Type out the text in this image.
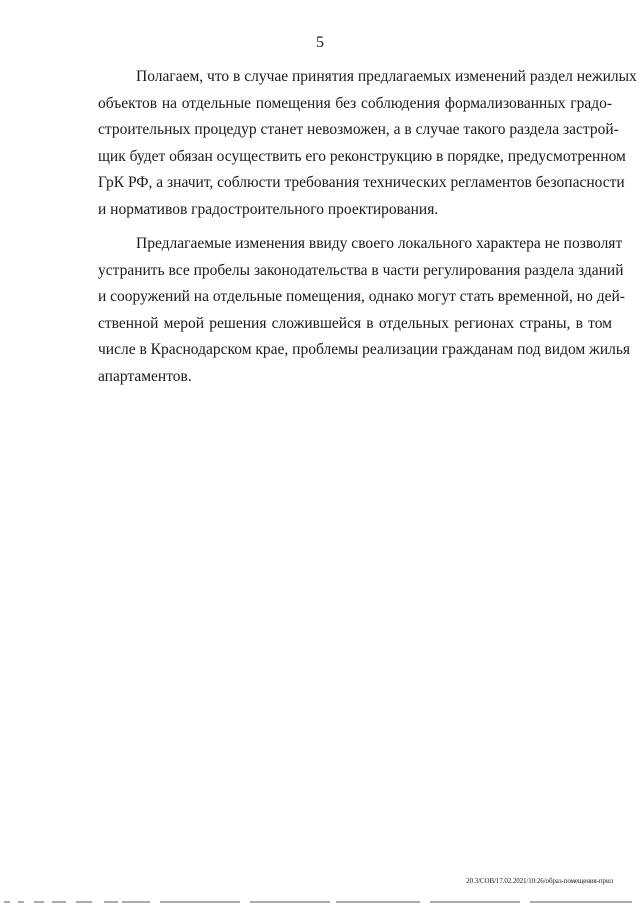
5
Полагаем, что в случае принятия предлагаемых изменений раздел нежилых
объектов на отдельные помещения без соблюдения формализованных градо-
строительных процедур станет невозможен, а в случае такого раздела застрой-
щик будет обязан осуществить его реконструкцию в порядке, предусмотренном
ГрК РФ, а значит, соблюсти требования технических регламентов безопасности
и нормативов градостроительного проектирования.
Предлагаемые изменения ввиду своего локального характера не позволят
устранить все пробелы законодательства в части регулирования раздела зданий
и сооружений на отдельные помещения, однако могут стать временной, но дей-
ственной мерой решения сложившейся в отдельных регионах страны, в том
числе в Краснодарском крае, проблемы реализации гражданам под видом жилья
апартаментов.
20.3/СОВ/17.02.2021/10:26/образ-помещения-прил
